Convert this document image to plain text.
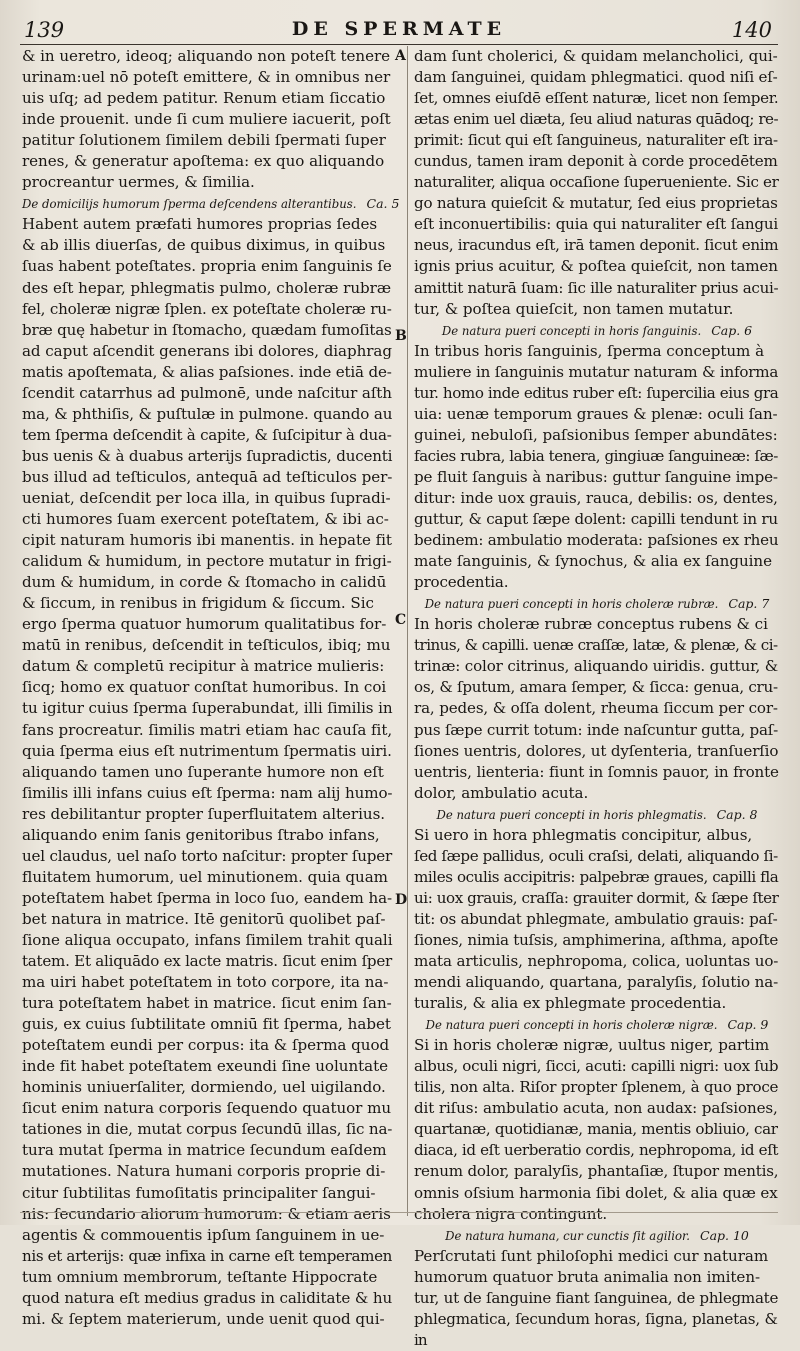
139	DE SPERMATE	140
& in ueretro, ideoq; aliquando non poteſt tenere
urinam:uel nō poteſt emittere, & in omnibus ner
uis uſq; ad pedem patitur. Renum etiam ſiccatio
inde prouenit. unde ſi cum muliere iacuerit, poſt
patitur ſolutionem ſimilem debili ſpermati ſuper
renes, & generatur apoſtema: ex quo aliquando
procreantur uermes, & ſimilia.
De domicilijs humorum ſperma deſcendens alterantibus. Ca. 5
Habent autem præfati humores proprias ſedes
& ab illis diuerſas, de quibus diximus, in quibus
ſuas habent poteſtates. propria enim ſanguinis ſe
des eſt hepar, phlegmatis pulmo, choleræ rubræ
fel, choleræ nigræ ſplen. ex poteſtate choleræ ru-
bræ quę habetur in ſtomacho, quædam fumoſitas
ad caput aſcendit generans ibi dolores, diaphrag
matis apoſtemata, & alias paſsiones. inde etiā de-
ſcendit catarrhus ad pulmonē, unde naſcitur aſth
ma, & phthiſis, & puſtulæ in pulmone. quando au
tem ſperma deſcendit à capite, & ſuſcipitur à dua-
bus uenis & à duabus arterijs ſupradictis, ducenti
bus illud ad teſticulos, antequā ad teſticulos per-
ueniat, deſcendit per loca illa, in quibus ſupradi-
cti humores ſuam exercent poteſtatem, & ibi ac-
cipit naturam humoris ibi manentis. in hepate fit
calidum & humidum, in pectore mutatur in frigi-
dum & humidum, in corde & ſtomacho in calidū
& ſiccum, in renibus in frigidum & ſiccum. Sic
ergo ſperma quatuor humorum qualitatibus for-
matū in renibus, deſcendit in teſticulos, ibiq; mu
datum & completū recipitur à matrice mulieris:
ſicq; homo ex quatuor conſtat humoribus. In coi
tu igitur cuius ſperma ſuperabundat, illi ſimilis in
fans procreatur. ſimilis matri etiam hac cauſa fit,
quia ſperma eius eſt nutrimentum ſpermatis uiri.
aliquando tamen uno ſuperante humore non eſt
ſimilis illi infans cuius eſt ſperma: nam alij humo-
res debilitantur propter ſuperfluitatem alterius.
aliquando enim ſanis genitoribus ſtrabo infans,
uel claudus, uel naſo torto naſcitur: propter ſuper
fluitatem humorum, uel minutionem. quia quam
poteſtatem habet ſperma in loco ſuo, eandem ha-
bet natura in matrice. Itē genitorū quolibet paſ-
ſione aliqua occupato, infans ſimilem trahit quali
tatem. Et aliquādo ex lacte matris. ſicut enim ſper
ma uiri habet poteſtatem in toto corpore, ita na-
tura poteſtatem habet in matrice. ſicut enim ſan-
guis, ex cuius ſubtilitate omniū fit ſperma, habet
poteſtatem eundi per corpus: ita & ſperma quod
inde fit habet poteſtatem exeundi ſine uoluntate
hominis uniuerſaliter, dormiendo, uel uigilando.
ſicut enim natura corporis ſequendo quatuor mu
tationes in die, mutat corpus ſecundū illas, ſic na-
tura mutat ſperma in matrice ſecundum eaſdem
mutationes. Natura humani corporis proprie di-
citur ſubtilitas fumoſitatis principaliter ſangui-
nis: ſecundario aliorum humorum: & etiam aeris
agentis & commouentis ipſum ſanguinem in ue-
nis et arterijs: quæ infixa in carne eſt temperamen
tum omnium membrorum, teſtante Hippocrate
quod natura eſt medius gradus in caliditate & hu
mi. & ſeptem materierum, unde uenit quod qui-
dam ſunt cholerici, & quidam melancholici, qui-
dam ſanguinei, quidam phlegmatici. quod niſi eſ-
ſet, omnes eiuſdē eſſent naturæ, licet non ſemper.
ætas enim uel diæta, ſeu aliud naturas quādoq; re-
primit: ſicut qui eſt ſanguineus, naturaliter eſt ira-
cundus, tamen iram deponit à corde procedētem
naturaliter, aliqua occaſione ſuperueniente. Sic er
go natura quieſcit & mutatur, ſed eius proprietas
eſt inconuertibilis: quia qui naturaliter eſt ſangui
neus, iracundus eſt, irā tamen deponit. ſicut enim
ignis prius acuitur, & poſtea quieſcit, non tamen
amittit naturā ſuam: ſic ille naturaliter prius acui-
tur, & poſtea quieſcit, non tamen mutatur.
De natura pueri concepti in horis ſanguinis. Cap. 6
In tribus horis ſanguinis, ſperma conceptum à
muliere in ſanguinis mutatur naturam & informa
tur. homo inde editus ruber eſt: ſupercilia eius gra
uia: uenæ temporum graues & plenæ: oculi ſan-
guinei, nebuloſi, paſsionibus ſemper abundātes:
facies rubra, labia tenera, gingiuæ ſanguineæ: ſæ-
pe fluit ſanguis à naribus: guttur ſanguine impe-
ditur: inde uox grauis, rauca, debilis: os, dentes,
guttur, & caput ſæpe dolent: capilli tendunt in ru
bedinem: ambulatio moderata: paſsiones ex rheu
mate ſanguinis, & ſynochus, & alia ex ſanguine
procedentia.
De natura pueri concepti in horis choleræ rubræ. Cap. 7
In horis choleræ rubræ conceptus rubens & ci
trinus, & capilli. uenæ craſſæ, latæ, & plenæ, & ci-
trinæ: color citrinus, aliquando uiridis. guttur, &
os, & ſputum, amara ſemper, & ſicca: genua, cru-
ra, pedes, & oſſa dolent, rheuma ſiccum per cor-
pus ſæpe currit totum: inde naſcuntur gutta, paſ-
ſiones uentris, dolores, ut dyſenteria, tranſuerſio
uentris, lienteria: fiunt in ſomnis pauor, in fronte
dolor, ambulatio acuta.
De natura pueri concepti in horis phlegmatis. Cap. 8
Si uero in hora phlegmatis concipitur, albus,
ſed ſæpe pallidus, oculi craſsi, delati, aliquando ſi-
miles oculis accipitris: palpebræ graues, capilli fla
ui: uox grauis, craſſa: grauiter dormit, & ſæpe ſter
tit: os abundat phlegmate, ambulatio grauis: paſ-
ſiones, nimia tuſsis, amphimerina, aſthma, apoſte
mata articulis, nephropoma, colica, uoluntas uo-
mendi aliquando, quartana, paralyſis, ſolutio na-
turalis, & alia ex phlegmate procedentia.
De natura pueri concepti in horis choleræ nigræ. Cap. 9
Si in horis choleræ nigræ, uultus niger, partim
albus, oculi nigri, ſicci, acuti: capilli nigri: uox ſub
tilis, non alta. Riſor propter ſplenem, à quo proce
dit riſus: ambulatio acuta, non audax: paſsiones,
quartanæ, quotidianæ, mania, mentis obliuio, car
diaca, id eſt uerberatio cordis, nephropoma, id eſt
renum dolor, paralyſis, phantaſiæ, ſtupor mentis,
omnis oſsium harmonia ſibi dolet, & alia quæ ex
cholera nigra contingunt.
De natura humana, cur cunctis ſit agilior. Cap. 10
Perſcrutati ſunt philoſophi medici cur naturam
humorum quatuor bruta animalia non imiten-
tur, ut de ſanguine fiant ſanguinea, de phlegmate
phlegmatica, ſecundum horas, ſigna, planetas, &
in
A
B
C
D
